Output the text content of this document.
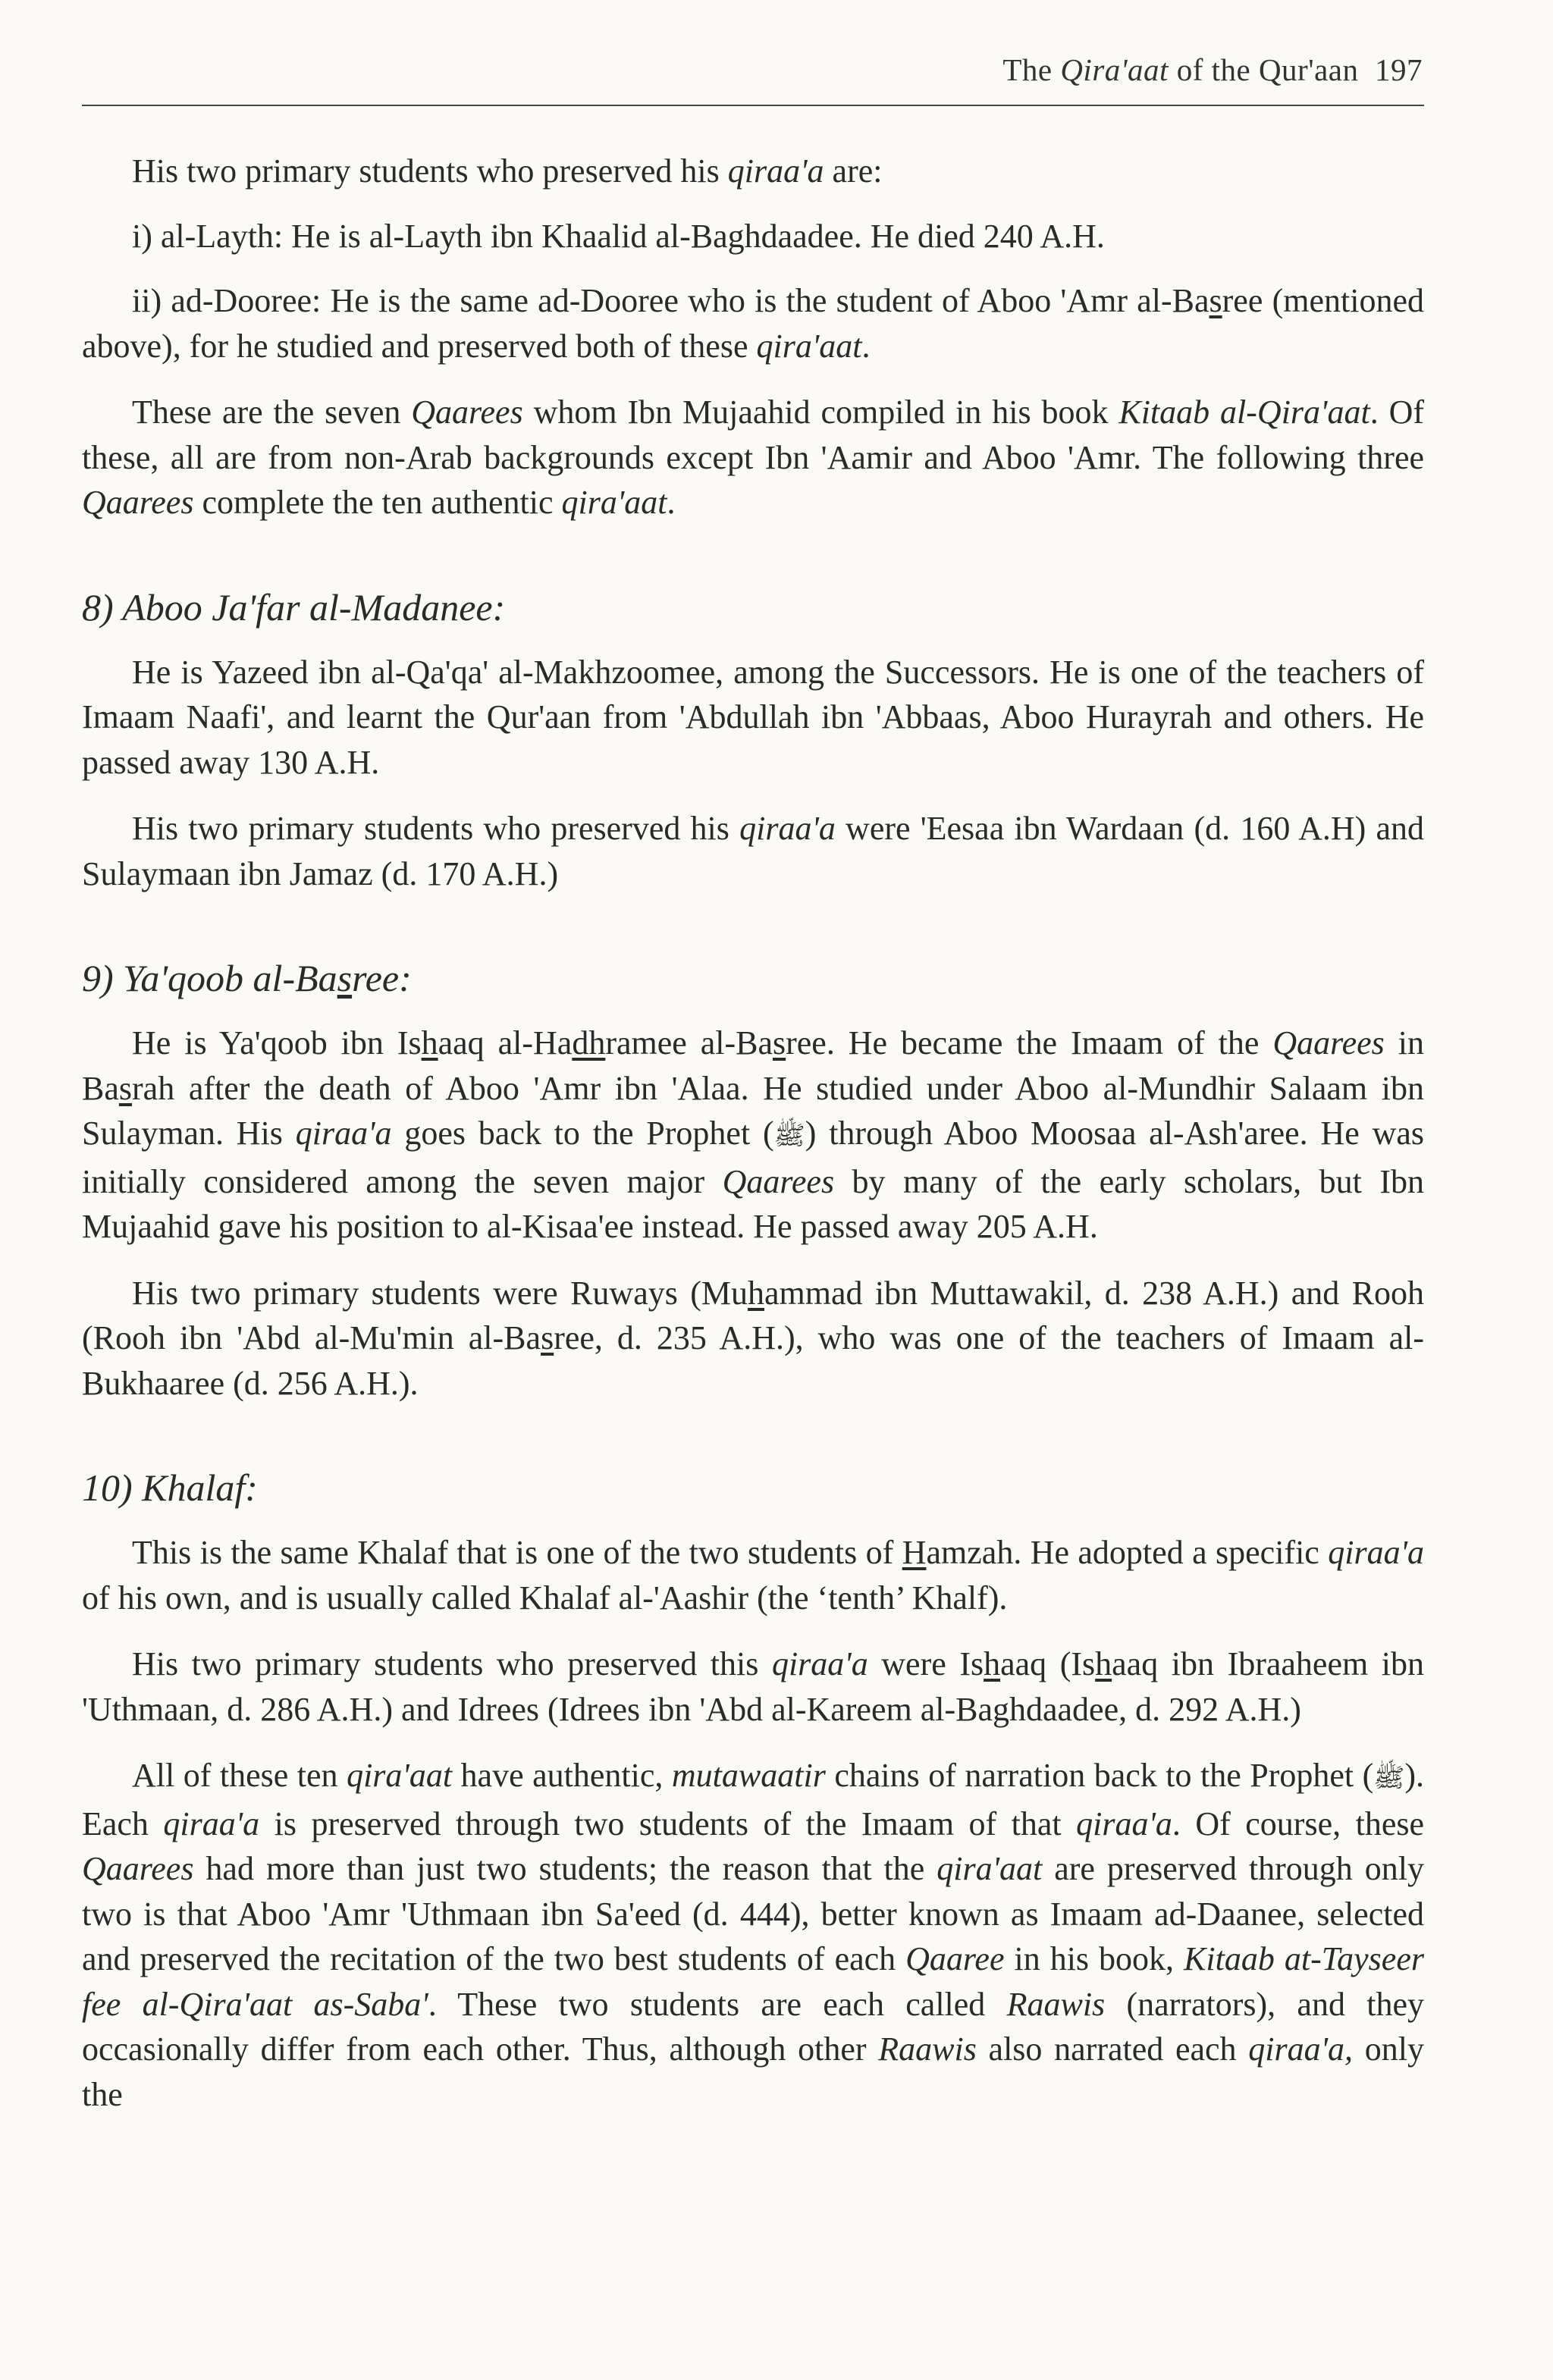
The Qira'aat of the Qur'aan 197

His two primary students who preserved his qiraa'a are:

i) al-Layth: He is al-Layth ibn Khaalid al-Baghdaadee. He died 240 A.H.

ii) ad-Dooree: He is the same ad-Dooree who is the student of Aboo 'Amr al-Basree (mentioned above), for he studied and preserved both of these qira'aat.

These are the seven Qaarees whom Ibn Mujaahid compiled in his book Kitaab al-Qira'aat. Of these, all are from non-Arab backgrounds except Ibn 'Aamir and Aboo 'Amr. The following three Qaarees complete the ten authentic qira'aat.

8) Aboo Ja'far al-Madanee:

He is Yazeed ibn al-Qa'qa' al-Makhzoomee, among the Successors. He is one of the teachers of Imaam Naafi', and learnt the Qur'aan from 'Abdullah ibn 'Abbaas, Aboo Hurayrah and others. He passed away 130 A.H.

His two primary students who preserved his qiraa'a were 'Eesaa ibn Wardaan (d. 160 A.H) and Sulaymaan ibn Jamaz (d. 170 A.H.)

9) Ya'qoob al-Basree:

He is Ya'qoob ibn Ishaaq al-Hadhramee al-Basree. He became the Imaam of the Qaarees in Basrah after the death of Aboo 'Amr ibn 'Alaa. He studied under Aboo al-Mundhir Salaam ibn Sulayman. His qiraa'a goes back to the Prophet (ﷺ) through Aboo Moosaa al-Ash'aree. He was initially considered among the seven major Qaarees by many of the early scholars, but Ibn Mujaahid gave his position to al-Kisaa'ee instead. He passed away 205 A.H.

His two primary students were Ruways (Muhammad ibn Muttawakil, d. 238 A.H.) and Rooh (Rooh ibn 'Abd al-Mu'min al-Basree, d. 235 A.H.), who was one of the teachers of Imaam al-Bukhaaree (d. 256 A.H.).

10) Khalaf:

This is the same Khalaf that is one of the two students of Hamzah. He adopted a specific qiraa'a of his own, and is usually called Khalaf al-'Aashir (the ‘tenth’ Khalf).

His two primary students who preserved this qiraa'a were Ishaaq (Ishaaq ibn Ibraaheem ibn 'Uthmaan, d. 286 A.H.) and Idrees (Idrees ibn 'Abd al-Kareem al-Baghdaadee, d. 292 A.H.)

All of these ten qira'aat have authentic, mutawaatir chains of narration back to the Prophet (ﷺ). Each qiraa'a is preserved through two students of the Imaam of that qiraa'a. Of course, these Qaarees had more than just two students; the reason that the qira'aat are preserved through only two is that Aboo 'Amr 'Uthmaan ibn Sa'eed (d. 444), better known as Imaam ad-Daanee, selected and preserved the recitation of the two best students of each Qaaree in his book, Kitaab at-Tayseer fee al-Qira'aat as-Saba'. These two students are each called Raawis (narrators), and they occasionally differ from each other. Thus, although other Raawis also narrated each qiraa'a, only the
